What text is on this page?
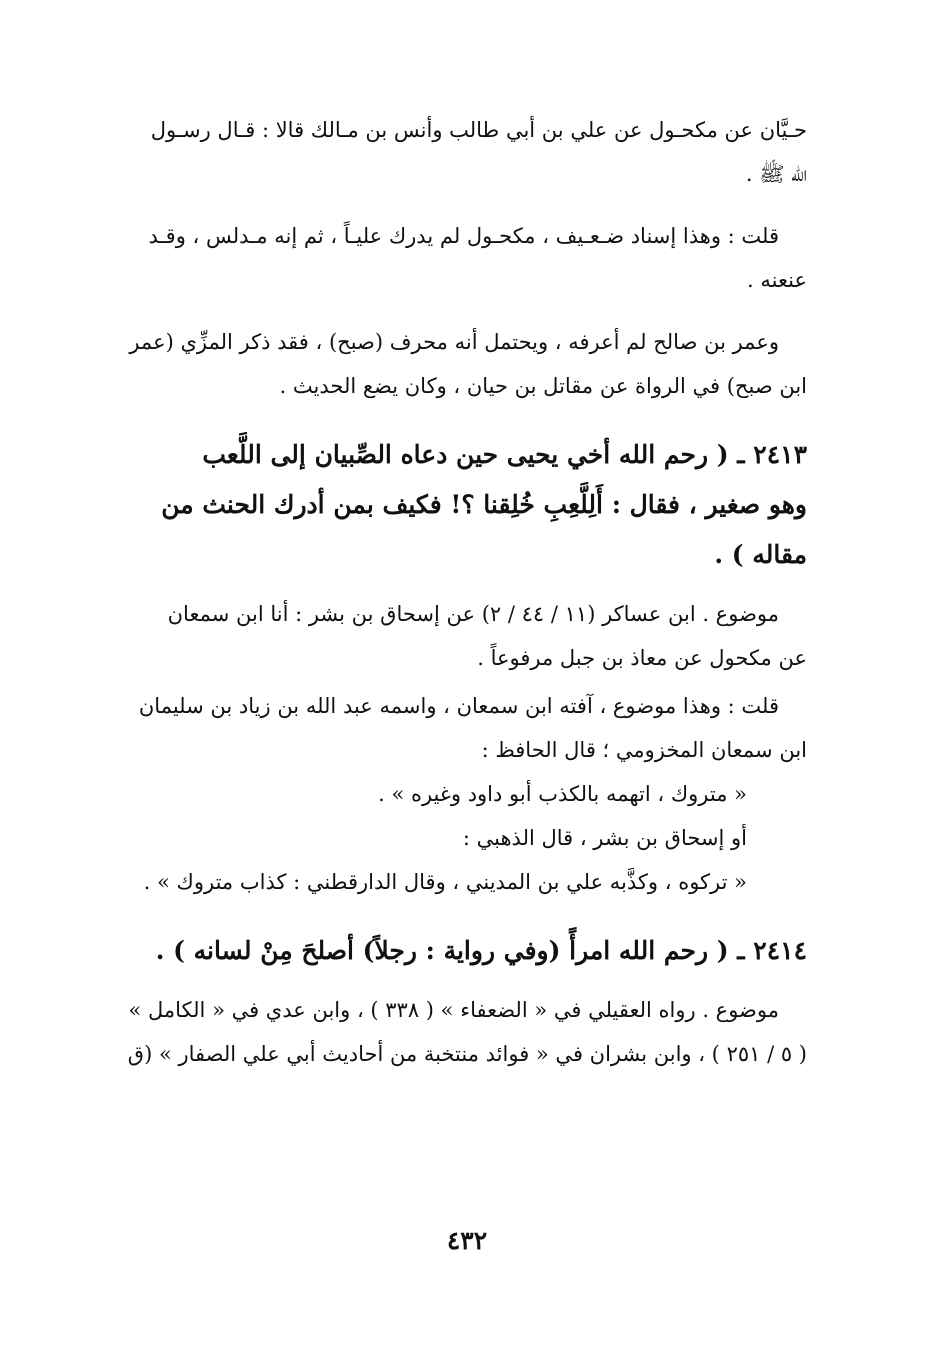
حـيَّان عن مكحـول عن علي بن أبي طالب وأنس بن مـالك قالا : قـال رسـول

الله ﷺ .

قلت : وهذا إسناد ضـعـيف ، مكحـول لم يدرك عليـاً ، ثم إنه مـدلس ، وقـد

عنعنه .

وعمر بن صالح لم أعرفه ، ويحتمل أنه محرف (صبح) ، فقد ذكر المزِّي (عمر

ابن صبح) في الرواة عن مقاتل بن حيان ، وكان يضع الحديث .

٢٤١٣ ـ ( رحم الله أخي يحيى حين دعاه الصِّبيان إلى اللَّعب
وهو صغير ، فقال : أَلِلَّعِبِ خُلِقنا ؟! فكيف بمن أدرك الحنث من
مقاله ) .

موضوع . ابن عساكر (١١ / ٤٤ / ٢) عن إسحاق بن بشر : أنا ابن سمعان

عن مكحول عن معاذ بن جبل مرفوعاً .

قلت : وهذا موضوع ، آفته ابن سمعان ، واسمه عبد الله بن زياد بن سليمان

ابن سمعان المخزومي ؛ قال الحافظ :

« متروك ، اتهمه بالكذب أبو داود وغيره » .

أو إسحاق بن بشر ، قال الذهبي :

« تركوه ، وكذَّبه علي بن المديني ، وقال الدارقطني : كذاب متروك » .

٢٤١٤ ـ ( رحم الله امرأً (وفي رواية : رجلاً) أصلحَ مِنْ لسانه ) .

موضوع . رواه العقيلي في « الضعفاء » ( ٣٣٨ ) ، وابن عدي في « الكامل »

( ٥ / ٢٥١ ) ، وابن بشران في « فوائد منتخبة من أحاديث أبي علي الصفار » (ق

٤٣٢
